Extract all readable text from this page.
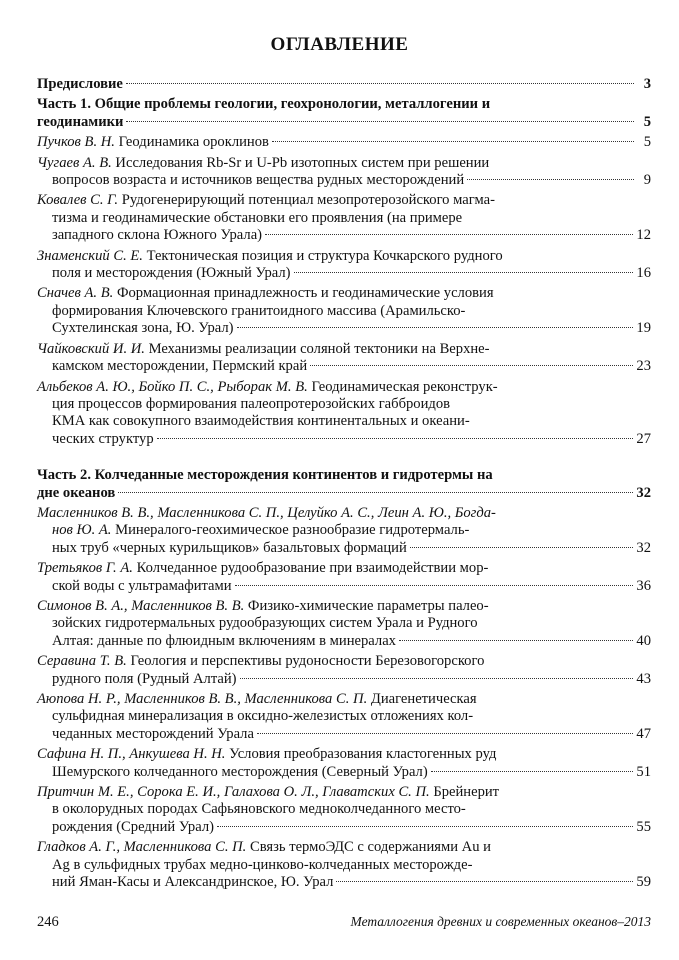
ОГЛАВЛЕНИЕ
Предисловие	3
Часть 1. Общие проблемы геологии, геохронологии, металлогении и
геодинамики	5
Пучков В. Н. Геодинамика ороклинов	5
Чугаев А. В.
Исследования Rb-Sr и U-Pb изотопных систем при решении
вопросов возраста и источников вещества рудных месторождений	9
Ковалев С. Г.
Рудогенерирующий потенциал мезопротерозойского магма-
тизма и геодинамические обстановки его проявления (на примере
западного склона Южного Урала)	12
Знаменский С. Е.
Тектоническая позиция и структура Кочкарского рудного
поля и месторождения (Южный Урал)	16
Сначев А. В.
Формационная принадлежность и геодинамические условия
формирования Ключевского гранитоидного массива (Арамильско-
Сухтелинская зона, Ю. Урал)	19
Чайковский И. И.
Механизмы реализации соляной тектоники на Верхне-
камском месторождении, Пермский край	23
Альбеков А. Ю., Бойко П. С., Рыборак М. В.
Геодинамическая реконструк-
ция процессов формирования палеопротерозойских габброидов
КМА как совокупного взаимодействия континентальных и океани-
ческих структур	27
Часть 2. Колчеданные месторождения континентов и гидротермы на
дне океанов	32
Масленников В. В., Масленникова С. П., Целуйко А. С., Леин А. Ю., Богда-
нов Ю. А.
Минералого-геохимическое разнообразие гидротермаль-
ных труб «черных курильщиков» базальтовых формаций	32
Третьяков Г. А.
Колчеданное рудообразование при взаимодействии мор-
ской воды с ультрамафитами	36
Симонов В. А., Масленников В. В.
Физико-химические параметры палео-
зойских гидротермальных рудообразующих систем Урала и Рудного
Алтая: данные по флюидным включениям в минералах	40
Серавина Т. В.
Геология и перспективы рудоносности Березовогорского
рудного поля (Рудный Алтай)	43
Аюпова Н. Р., Масленников В. В., Масленникова С. П.
Диагенетическая
сульфидная минерализация в оксидно-железистых отложениях кол-
чеданных месторождений Урала	47
Сафина Н. П., Анкушева Н. Н.
Условия преобразования кластогенных руд
Шемурского колчеданного месторождения (Северный Урал)	51
Притчин М. Е., Сорока Е. И., Галахова О. Л., Главатских С. П.
Брейнерит
в околорудных породах Сафьяновского медноколчеданного место-
рождения (Средний Урал)	55
Гладков А. Г., Масленникова С. П.
Связь термоЭДС с содержаниями Au и
Ag в сульфидных трубах медно-цинково-колчеданных месторожде-
ний Яман-Касы и Александринское, Ю. Урал	59
246	Металлогения древних и современных океанов–2013
